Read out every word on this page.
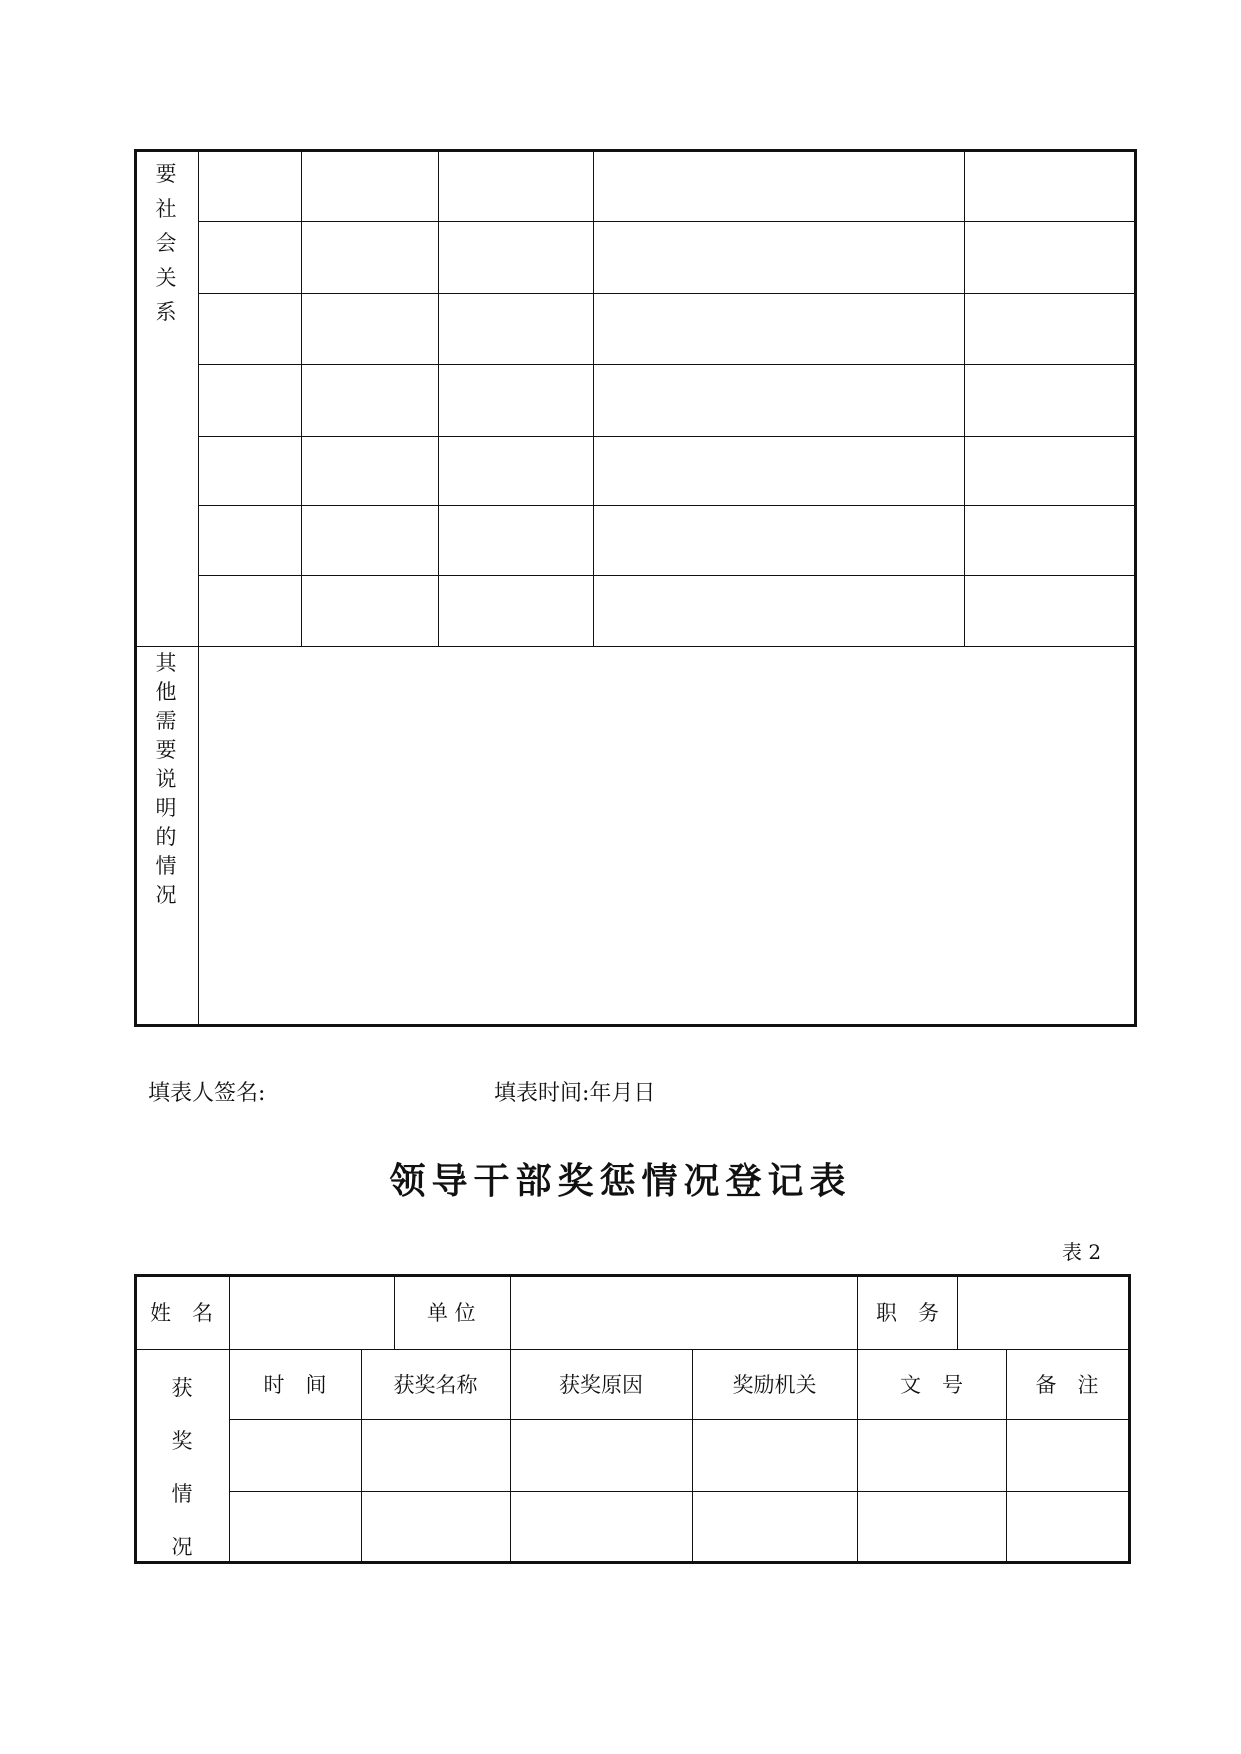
要
社
会
关
系
其
他
需
要
说
明
的
情
况
填表人签名:	填表时间:年月日
领导干部奖惩情况登记表
表 2
姓　名	单 位	职　务
获
奖
情
况
时　间	获奖名称	获奖原因	奖励机关	文　号	备　注
